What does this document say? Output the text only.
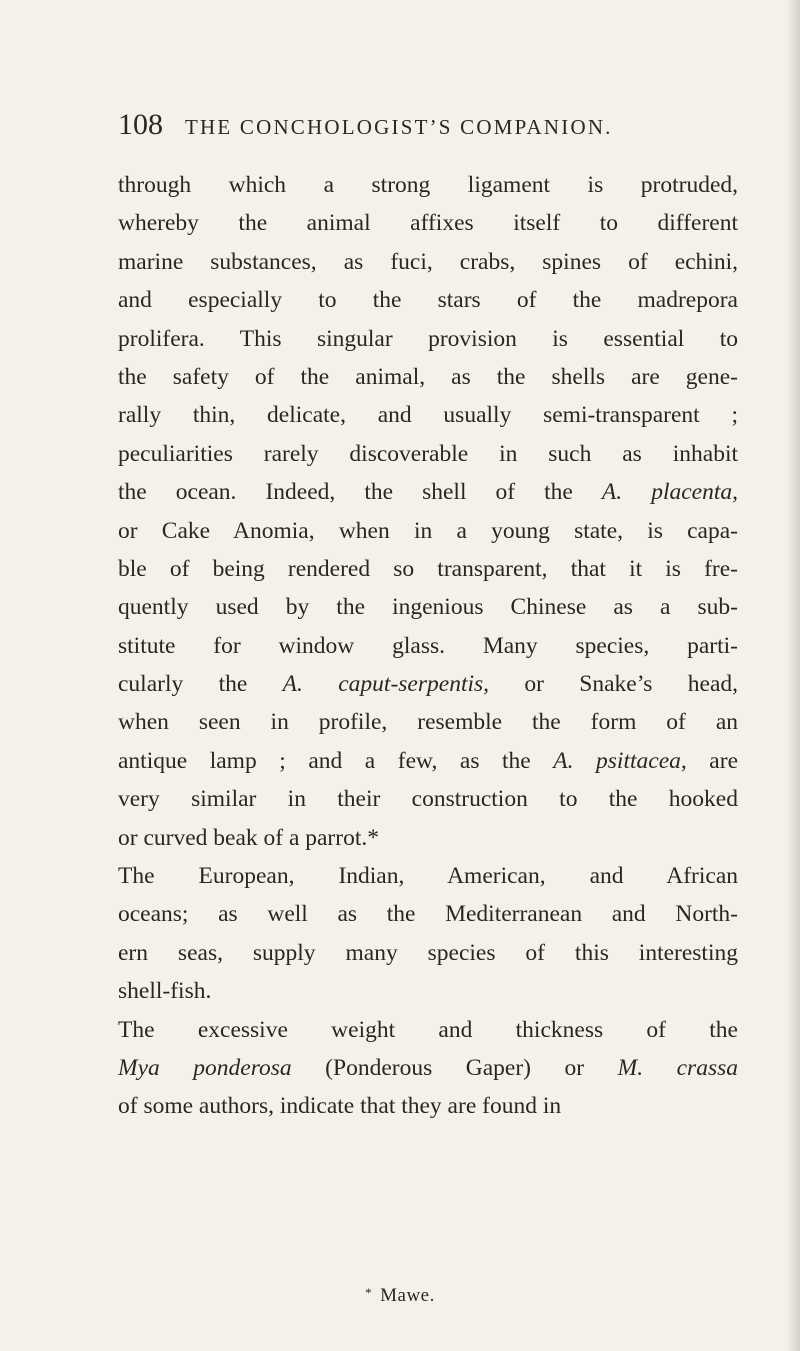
108 THE CONCHOLOGIST’S COMPANION.
through which a strong ligament is protruded,
whereby the animal affixes itself to different
marine substances, as fuci, crabs, spines of echini,
and especially to the stars of the madrepora
prolifera. This singular provision is essential to
the safety of the animal, as the shells are gene-
rally thin, delicate, and usually semi-transparent ;
peculiarities rarely discoverable in such as inhabit
the ocean. Indeed, the shell of the A. placenta,
or Cake Anomia, when in a young state, is capa-
ble of being rendered so transparent, that it is fre-
quently used by the ingenious Chinese as a sub-
stitute for window glass. Many species, parti-
cularly the A. caput-serpentis, or Snake’s head,
when seen in profile, resemble the form of an
antique lamp ; and a few, as the A. psittacea, are
very similar in their construction to the hooked
or curved beak of a parrot.*
The European, Indian, American, and African
oceans; as well as the Mediterranean and North-
ern seas, supply many species of this interesting
shell-fish.
The excessive weight and thickness of the
Mya ponderosa (Ponderous Gaper) or M. crassa
of some authors, indicate that they are found in
* Mawe.
